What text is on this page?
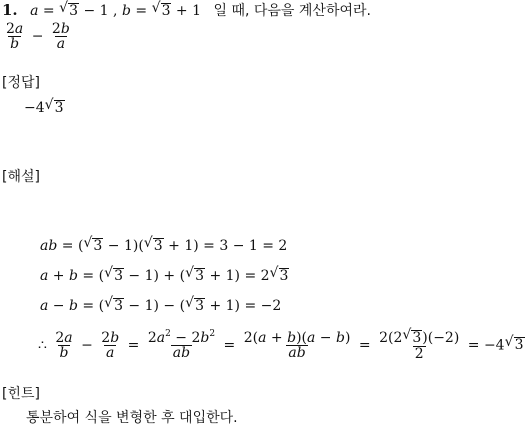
1. a = √ 3 − 1 , b = √ 3 + 1 일 때, 다음을 계산하여라.
$\frac{2a}{b} - \frac{2b}{a}$
[정답]
−4 √ 3
[해설]
ab = ( √ 3 − 1)( √ 3 + 1) = 3 − 1 = 2
a + b = ( √ 3 − 1) + ( √ 3 + 1) = 2 √ 3
a − b = ( √ 3 − 1) − ( √ 3 + 1) = −2
∴ $\frac{2a}{b} - \frac{2b}{a} = \frac{2a^2 - 2b^2}{ab} = \frac{2(a + b)(a - b)}{ab} = \frac{2(2 √ 3)(-2)}{2} = -4$ √ 3
[힌트]
통분하여 식을 변형한 후 대입한다.
